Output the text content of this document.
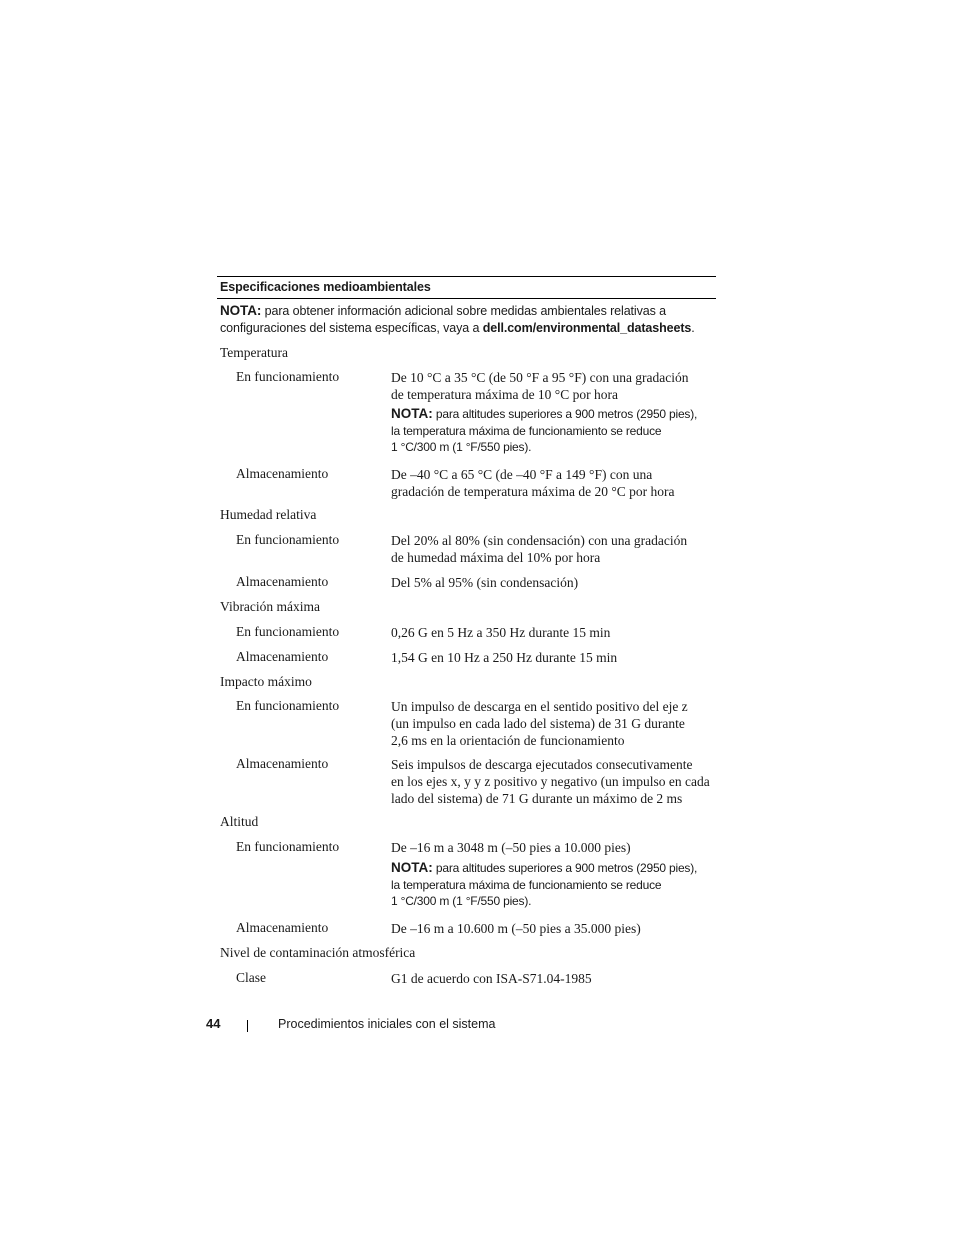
Especificaciones medioambientales
NOTA: para obtener información adicional sobre medidas ambientales relativas a configuraciones del sistema específicas, vaya a dell.com/environmental_datasheets.
Temperatura
En funcionamiento	De 10 °C a 35 °C (de 50 °F a 95 °F) con una gradación
de temperatura máxima de 10 °C por hora
NOTA: para altitudes superiores a 900 metros (2950 pies),
la temperatura máxima de funcionamiento se reduce
1 °C/300 m (1 °F/550 pies).
Almacenamiento	De –40 °C a 65 °C (de –40 °F a 149 °F) con una
gradación de temperatura máxima de 20 °C por hora
Humedad relativa
En funcionamiento	Del 20% al 80% (sin condensación) con una gradación
de humedad máxima del 10% por hora
Almacenamiento	Del 5% al 95% (sin condensación)
Vibración máxima
En funcionamiento	0,26 G en 5 Hz a 350 Hz durante 15 min
Almacenamiento	1,54 G en 10 Hz a 250 Hz durante 15 min
Impacto máximo
En funcionamiento	Un impulso de descarga en el sentido positivo del eje z
(un impulso en cada lado del sistema) de 31 G durante
2,6 ms en la orientación de funcionamiento
Almacenamiento	Seis impulsos de descarga ejecutados consecutivamente
en los ejes x, y y z positivo y negativo (un impulso en cada
lado del sistema) de 71 G durante un máximo de 2 ms
Altitud
En funcionamiento	De –16 m a 3048 m (–50 pies a 10.000 pies)
NOTA: para altitudes superiores a 900 metros (2950 pies),
la temperatura máxima de funcionamiento se reduce
1 °C/300 m (1 °F/550 pies).
Almacenamiento	De –16 m a 10.600 m (–50 pies a 35.000 pies)
Nivel de contaminación atmosférica
Clase	G1 de acuerdo con ISA-S71.04-1985
44	Procedimientos iniciales con el sistema
